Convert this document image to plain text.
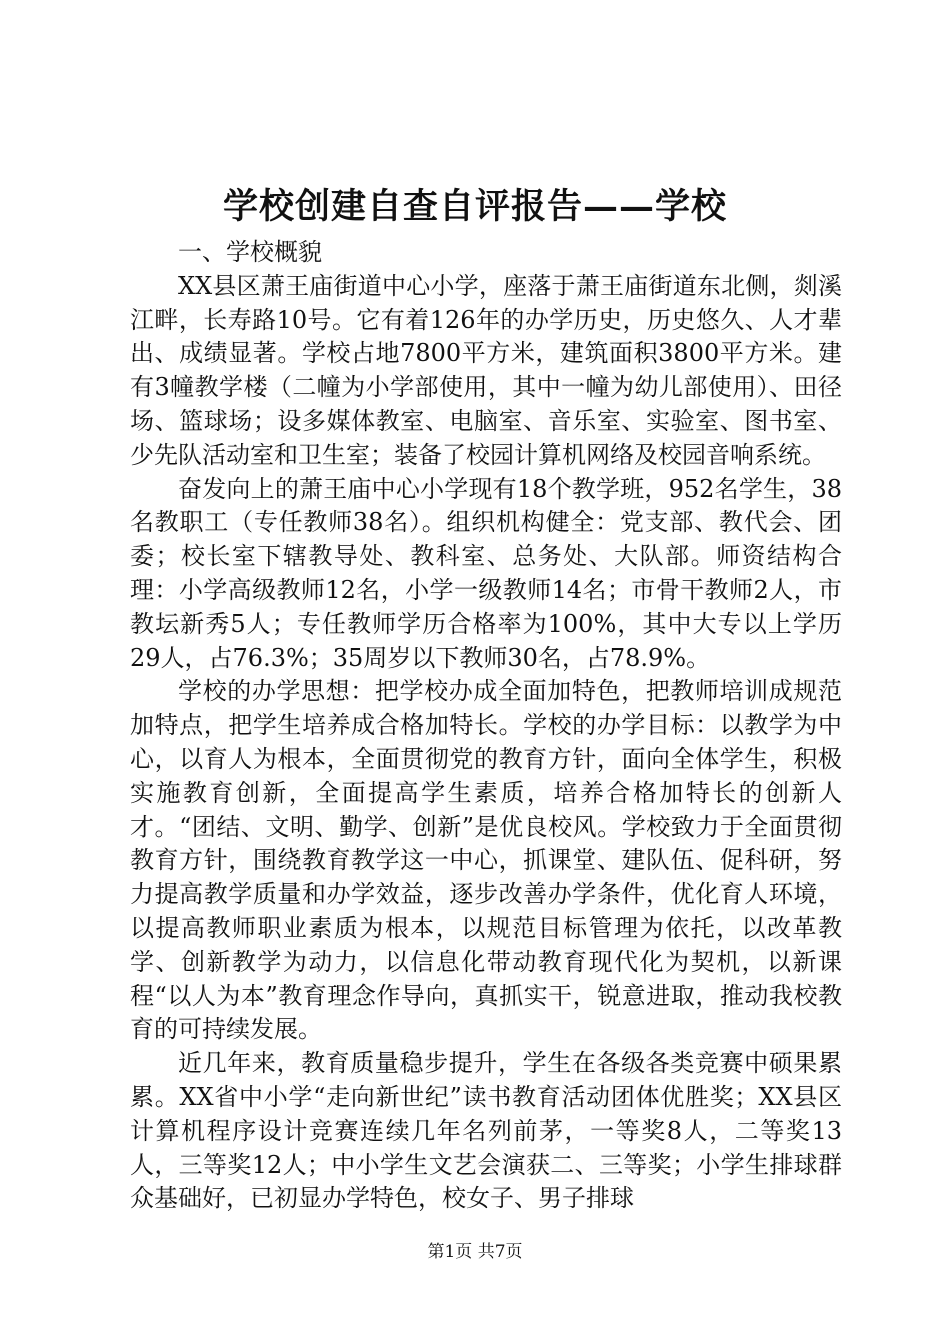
学校创建自查自评报告——学校

一、学校概貌

XX县区萧王庙街道中心小学，座落于萧王庙街道东北侧，剡溪江畔，长寿路10号。它有着126年的办学历史，历史悠久、人才辈出、成绩显著。学校占地7800平方米，建筑面积3800平方米。建有3幢教学楼（二幢为小学部使用，其中一幢为幼儿部使用）、田径场、篮球场；设多媒体教室、电脑室、音乐室、实验室、图书室、少先队活动室和卫生室；装备了校园计算机网络及校园音响系统。

奋发向上的萧王庙中心小学现有18个教学班，952名学生，38名教职工（专任教师38名）。组织机构健全：党支部、教代会、团委；校长室下辖教导处、教科室、总务处、大队部。师资结构合理：小学高级教师12名，小学一级教师14名；市骨干教师2人，市教坛新秀5人；专任教师学历合格率为100%，其中大专以上学历29人，占76.3%；35周岁以下教师30名，占78.9%。

学校的办学思想：把学校办成全面加特色，把教师培训成规范加特点，把学生培养成合格加特长。学校的办学目标：以教学为中心，以育人为根本，全面贯彻党的教育方针，面向全体学生，积极实施教育创新，全面提高学生素质，培养合格加特长的创新人才。“团结、文明、勤学、创新”是优良校风。学校致力于全面贯彻教育方针，围绕教育教学这一中心，抓课堂、建队伍、促科研，努力提高教学质量和办学效益，逐步改善办学条件，优化育人环境，以提高教师职业素质为根本，以规范目标管理为依托，以改革教学、创新教学为动力，以信息化带动教育现代化为契机，以新课程“以人为本”教育理念作导向，真抓实干，锐意进取，推动我校教育的可持续发展。

近几年来，教育质量稳步提升，学生在各级各类竞赛中硕果累累。XX省中小学“走向新世纪”读书教育活动团体优胜奖；XX县区计算机程序设计竞赛连续几年名列前茅，一等奖8人，二等奖13人，三等奖12人；中小学生文艺会演获二、三等奖；小学生排球群众基础好，已初显办学特色，校女子、男子排球

第1页 共7页
